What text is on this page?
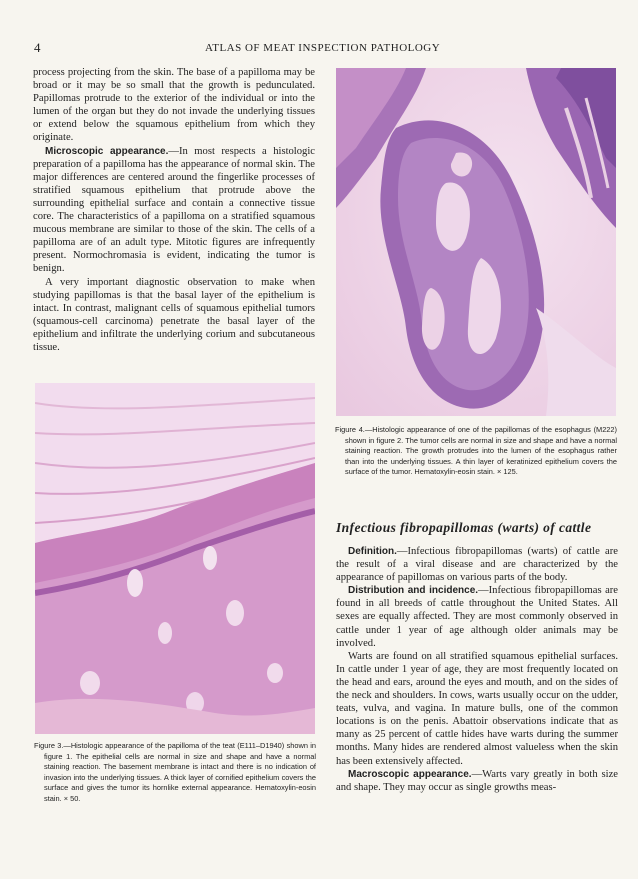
4	ATLAS OF MEAT INSPECTION PATHOLOGY

process projecting from the skin. The base of a papilloma may be broad or it may be so small that the growth is pedunculated. Papillomas protrude to the exterior of the individual or into the lumen of the organ but they do not invade the underlying tissues or extend below the squamous epithelium from which they originate.

Microscopic appearance.—In most respects a histologic preparation of a papilloma has the appearance of normal skin. The major differences are centered around the fingerlike processes of stratified squamous epithelium that protrude above the surrounding epithelial surface and contain a connective tissue core. The characteristics of a papilloma on a stratified squamous mucous membrane are similar to those of the skin. The cells of a papilloma are of an adult type. Mitotic figures are infrequently present. Normochromasia is evident, indicating the tumor is benign.

A very important diagnostic observation to make when studying papillomas is that the basal layer of the epithelium is intact. In contrast, malignant cells of squamous epithelial tumors (squamous-cell carcinoma) penetrate the basal layer of the epithelium and infiltrate the underlying corium and subcutaneous tissue.

Figure 4.—Histologic appearance of one of the papillomas of the esophagus (M222) shown in figure 2. The tumor cells are normal in size and shape and have a normal staining reaction. The growth protrudes into the lumen of the esophagus rather than into the underlying tissues. A thin layer of keratinized epithelium covers the surface of the tumor. Hematoxylin-eosin stain. × 125.

Figure 3.—Histologic appearance of the papilloma of the teat (E111–D1940) shown in figure 1. The epithelial cells are normal in size and shape and have a normal staining reaction. The basement membrane is intact and there is no indication of invasion into the underlying tissues. A thick layer of cornified epithelium covers the surface and gives the tumor its hornlike external appearance. Hematoxylin-eosin stain. × 50.

Infectious fibropapillomas (warts) of cattle

Definition.—Infectious fibropapillomas (warts) of cattle are the result of a viral disease and are characterized by the appearance of papillomas on various parts of the body.

Distribution and incidence.—Infectious fibropapillomas are found in all breeds of cattle throughout the United States. All sexes are equally affected. They are most commonly observed in cattle under 1 year of age although older animals may be involved.

Warts are found on all stratified squamous epithelial surfaces. In cattle under 1 year of age, they are most frequently located on the head and ears, around the eyes and mouth, and on the sides of the neck and shoulders. In cows, warts usually occur on the udder, teats, vulva, and vagina. In mature bulls, one of the common locations is on the penis. Abattoir observations indicate that as many as 25 percent of cattle hides have warts during the summer months. Many hides are rendered almost valueless when the skin has been extensively affected.

Macroscopic appearance.—Warts vary greatly in both size and shape. They may occur as single growths meas-
